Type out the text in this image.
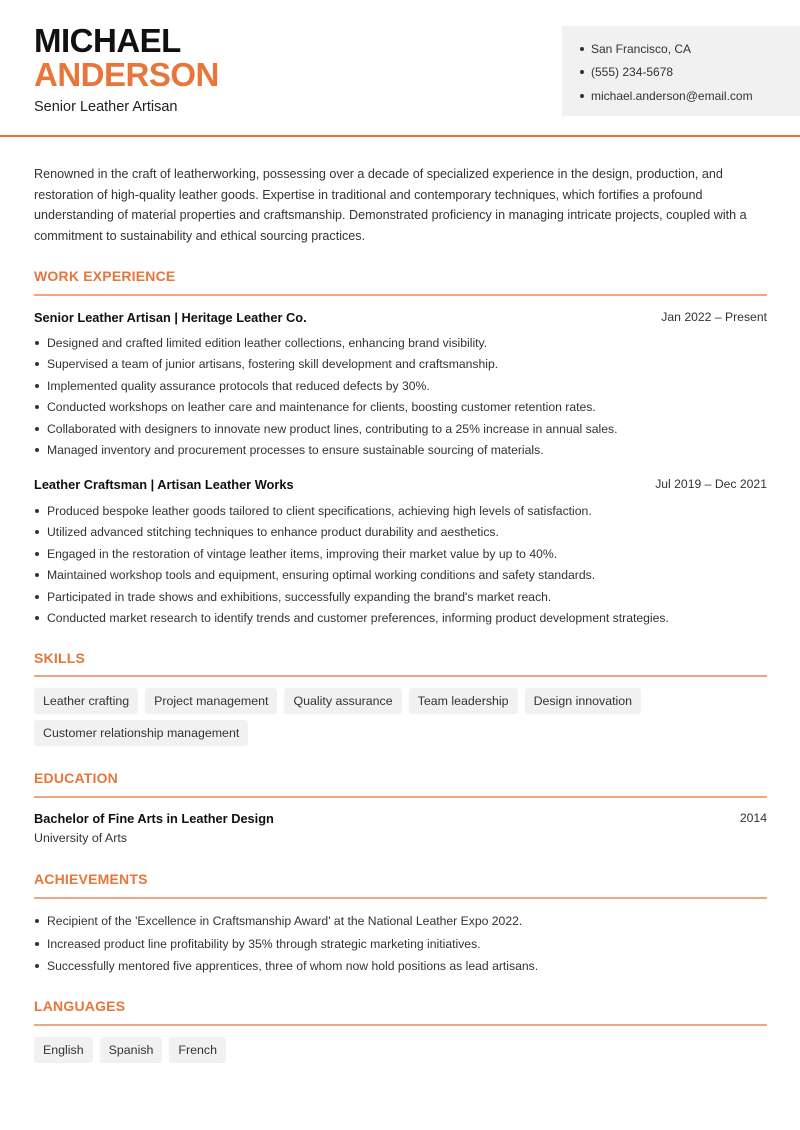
MICHAEL
ANDERSON
Senior Leather Artisan
San Francisco, CA
(555) 234-5678
michael.anderson@email.com
Renowned in the craft of leatherworking, possessing over a decade of specialized experience in the design, production, and restoration of high-quality leather goods. Expertise in traditional and contemporary techniques, which fortifies a profound understanding of material properties and craftsmanship. Demonstrated proficiency in managing intricate projects, coupled with a commitment to sustainability and ethical sourcing practices.
WORK EXPERIENCE
Senior Leather Artisan | Heritage Leather Co.	Jan 2022 – Present
Designed and crafted limited edition leather collections, enhancing brand visibility.
Supervised a team of junior artisans, fostering skill development and craftsmanship.
Implemented quality assurance protocols that reduced defects by 30%.
Conducted workshops on leather care and maintenance for clients, boosting customer retention rates.
Collaborated with designers to innovate new product lines, contributing to a 25% increase in annual sales.
Managed inventory and procurement processes to ensure sustainable sourcing of materials.
Leather Craftsman | Artisan Leather Works	Jul 2019 – Dec 2021
Produced bespoke leather goods tailored to client specifications, achieving high levels of satisfaction.
Utilized advanced stitching techniques to enhance product durability and aesthetics.
Engaged in the restoration of vintage leather items, improving their market value by up to 40%.
Maintained workshop tools and equipment, ensuring optimal working conditions and safety standards.
Participated in trade shows and exhibitions, successfully expanding the brand's market reach.
Conducted market research to identify trends and customer preferences, informing product development strategies.
SKILLS
Leather crafting	Project management	Quality assurance	Team leadership	Design innovation
Customer relationship management
EDUCATION
Bachelor of Fine Arts in Leather Design	2014
University of Arts
ACHIEVEMENTS
Recipient of the 'Excellence in Craftsmanship Award' at the National Leather Expo 2022.
Increased product line profitability by 35% through strategic marketing initiatives.
Successfully mentored five apprentices, three of whom now hold positions as lead artisans.
LANGUAGES
English	Spanish	French
